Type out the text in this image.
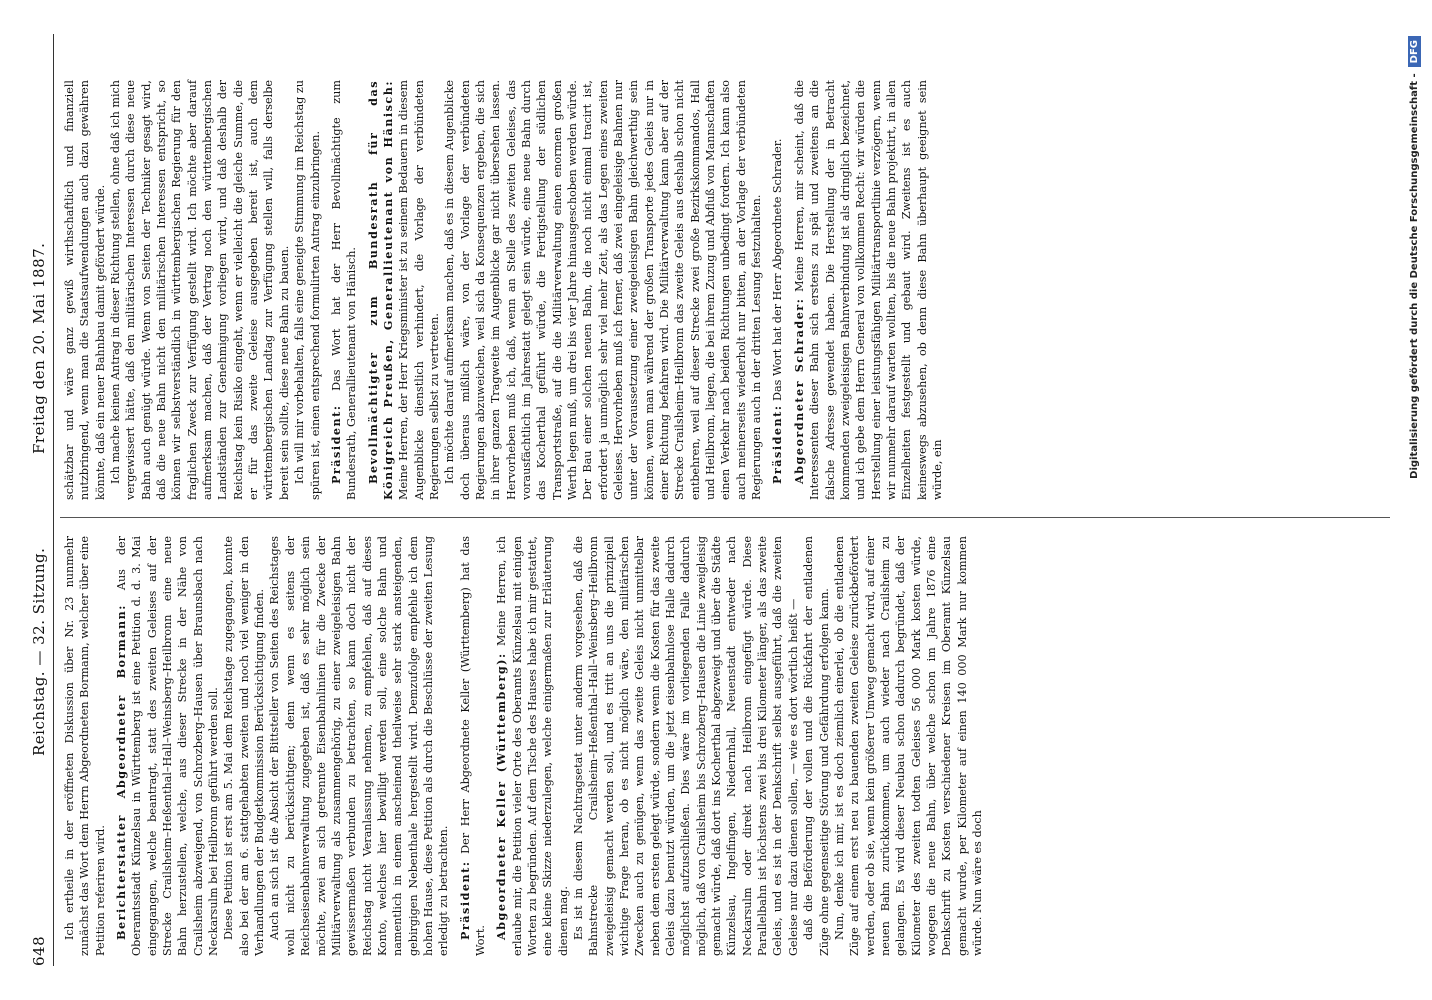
648
Reichstag. — 32. Sitzung.
Freitag den 20. Mai 1887.

Ich ertheile in der eröffneten Diskussion über Nr. 23 nunmehr zunächst das Wort dem Herrn Abgeordneten Bormann, welcher über eine Petition referiren wird. Berichterstatter Abgeordneter Bormann: Aus der Oberamtsstadt Künzelsau in Württemberg ist eine Petition d. d. 3. Mai eingegangen, welche beantragt, statt des zweiten Geleises auf der Strecke Crailsheim–Heßenthal–Hall–Weinsberg–Heilbronn eine neue Bahn herzustellen, welche, aus dieser Strecke in der Nähe von Crailsheim abzweigend, von Schrozberg–Hausen über Braunsbach nach Neckarsulm bei Heilbronn geführt werden soll. Diese Petition ist erst am 5. Mai dem Reichstage zugegangen, konnte also bei der am 6. stattgehabten zweiten und noch viel weniger in den Verhandlungen der Budgetkommission Berücksichtigung finden. Auch an sich ist die Absicht der Bittsteller von Seiten des Reichstages wohl nicht zu berücksichtigen; denn wenn es seitens der Reichseisenbahnverwaltung zugegeben ist, daß es sehr möglich sein möchte, zwei an sich getrennte Eisenbahnlinien für die Zwecke der Militärverwaltung als zusammengehörig, zu einer zweigeleisigen Bahn gewissermaßen verbunden zu betrachten, so kann doch nicht der Reichstag nicht Veranlassung nehmen, zu empfehlen, daß auf dieses Konto, welches hier bewilligt werden soll, eine solche Bahn und namentlich in einem anscheinend theilweise sehr stark ansteigenden, gebirgigen Nebenthale hergestellt wird. Demzufolge empfehle ich dem hohen Hause, diese Petition als durch die Beschlüsse der zweiten Lesung erledigt zu betrachten. Präsident: Der Herr Abgeordnete Keller (Württemberg) hat das Wort.

Abgeordneter Keller (Württemberg): Meine Herren, ich erlaube mir, die Petition vieler Orte des Oberamts Künzelsau mit einigen Worten zu begründen. Auf dem Tische des Hauses habe ich mir gestattet, eine kleine Skizze niederzulegen, welche einigermaßen zur Erläuterung dienen mag. Es ist in diesem Nachtragsetat unter anderm vorgesehen, daß die Bahnstrecke Crailsheim–Heßenthal–Hall–Weinsberg–Heilbronn zweigeleisig gemacht werden soll, und es tritt an uns die prinzipiell wichtige Frage heran, ob es nicht möglich wäre, den militärischen Zwecken auch zu genügen, wenn das zweite Geleis nicht unmittelbar neben dem ersten gelegt würde, sondern wenn die Kosten für das zweite Geleis dazu benutzt würden, um die jetzt eisenbahnlose Halle dadurch möglichst aufzuschließen. Dies wäre im vorliegenden Falle dadurch möglich, daß von Crailsheim bis Schrozberg–Hausen die Linie zweigleisig gemacht würde, daß dort ins Kocherthal abgezweigt und über die Städte Künzelsau, Ingelfingen, Niedernhall, Neuenstadt entweder nach Neckarsulm oder direkt nach Heilbronn eingefügt würde. Diese Parallelbahn ist höchstens zwei bis drei Kilometer länger, als das zweite Geleis, und es ist in der Denkschrift selbst ausgeführt, daß die zweiten Geleise nur dazu dienen sollen, — wie es dort wörtlich heißt — daß die Beförderung der vollen und die Rückfahrt der entladenen Züge ohne gegenseitige Störung und Gefährdung erfolgen kann. Nun, denke ich mir, ist es doch ziemlich einerlei, ob die entladenen Züge auf einem erst neu zu bauenden zweiten Geleise zurückbefördert werden, oder ob sie, wenn kein größerer Umweg gemacht wird, auf einer neuen Bahn zurückkommen, um auch wieder nach Crailsheim zu gelangen. Es wird dieser Neubau schon dadurch begründet, daß der Kilometer des zweiten todten Geleises 56 000 Mark kosten würde, wogegen die neue Bahn, über welche schon im Jahre 1876 eine Denkschrift zu Kosten verschiedener Kreisen im Oberamt Künzelsau gemacht wurde, per Kilometer auf einen 140 000 Mark nur kommen würde. Nun wäre es doch

schätzbar und wäre ganz gewiß wirthschaftlich und finanziell nutzbringend, wenn man die Staatsaufwendungen auch dazu gewähren könnte, daß ein neuer Bahnbau damit gefördert würde. Ich mache keinen Antrag in dieser Richtung stellen, ohne daß ich mich vergewissert hätte, daß den militärischen Interessen durch diese neue Bahn auch genügt würde. Wenn von Seiten der Techniker gesagt wird, daß die neue Bahn nicht den militärischen Interessen entspricht, so können wir selbstverständlich in württembergischen Regierung für den fraglichen Zweck zur Verfügung gestellt wird. Ich möchte aber darauf aufmerksam machen, daß der Vertrag noch den württembergischen Landständen zur Genehmigung vorliegen wird, und daß deshalb der Reichstag kein Risiko eingeht, wenn er vielleicht die gleiche Summe, die er für das zweite Geleise ausgegeben bereit ist, auch dem württembergischen Landtag zur Verfügung stellen will, falls derselbe bereit sein sollte, diese neue Bahn zu bauen. Ich will mir vorbehalten, falls eine geneigte Stimmung im Reichstag zu spüren ist, einen entsprechend formulirten Antrag einzubringen. Präsident: Das Wort hat der Herr Bevollmächtigte zum Bundesrath, Generallieutenant von Hänisch. Bevollmächtigter zum Bundesrath für das Königreich Preußen, Generallieutenant von Hänisch: Meine Herren, der Herr Kriegsminister ist zu seinem Bedauern in diesem Augenblicke dienstlich verhindert, die Vorlage der verbündeten Regierungen selbst zu vertreten. Ich möchte darauf aufmerksam machen, daß es in diesem Augenblicke doch überaus mißlich wäre, von der Vorlage der verbündeten Regierungen abzuweichen, weil sich da Konsequenzen ergeben, die sich in ihrer ganzen Tragweite im Augenblicke gar nicht übersehen lassen. Hervorheben muß ich, daß, wenn an Stelle des zweiten Geleises, das vorausfächtlich im Jahrestatt gelegt sein würde, eine neue Bahn durch das Kocherthal geführt würde, die Fertigstellung der südlichen Transportstraße, auf die die Militärverwaltung einen enormen großen Werth legen muß, um drei bis vier Jahre hinausgeschoben werden würde. Der Bau einer solchen neuen Bahn, die noch nicht einmal tracirt ist, erfordert ja unmöglich sehr viel mehr Zeit, als das Legen eines zweiten Geleises. Hervorheben muß ich ferner, daß zwei eingeleisige Bahnen nur unter der Voraussetzung einer zweigeleisigen Bahn gleichwerthig sein können, wenn man während der großen Transporte jedes Geleis nur in einer Richtung befahren wird. Die Militärverwaltung kann aber auf der Strecke Crailsheim–Heilbronn das zweite Geleis aus deshalb schon nicht entbehren, weil auf dieser Strecke zwei große Bezirkskommandos, Hall und Heilbronn, liegen, die bei ihrem Zuzug und Abfluß von Mannschaften einen Verkehr nach beiden Richtungen unbedingt fordern. Ich kann also auch meinerseits wiederholt nur bitten, an der Vorlage der verbündeten Regierungen auch in der dritten Lesung festzuhalten. Präsident: Das Wort hat der Herr Abgeordnete Schrader. Abgeordneter Schrader: Meine Herren, mir scheint, daß die Interessenten dieser Bahn sich erstens zu spät und zweitens an die falsche Adresse gewendet haben. Die Herstellung der in Betracht kommenden zweigeleisigen Bahnverbindung ist als dringlich bezeichnet, und ich gebe dem Herrn General von vollkommen Recht: wir würden die Herstellung einer leistungsfähigen Militärtransportlinie verzögern, wenn wir nunmehr darauf warten wollten, bis die neue Bahn projektirt, in allen Einzelheiten festgestellt und gebaut wird. Zweitens ist es auch keineswegs abzusehen, ob denn diese Bahn überhaupt geeignet sein würde, ein	Digitalisierung gefördert durch die Deutsche Forschungsgemeinschaft -DFG
